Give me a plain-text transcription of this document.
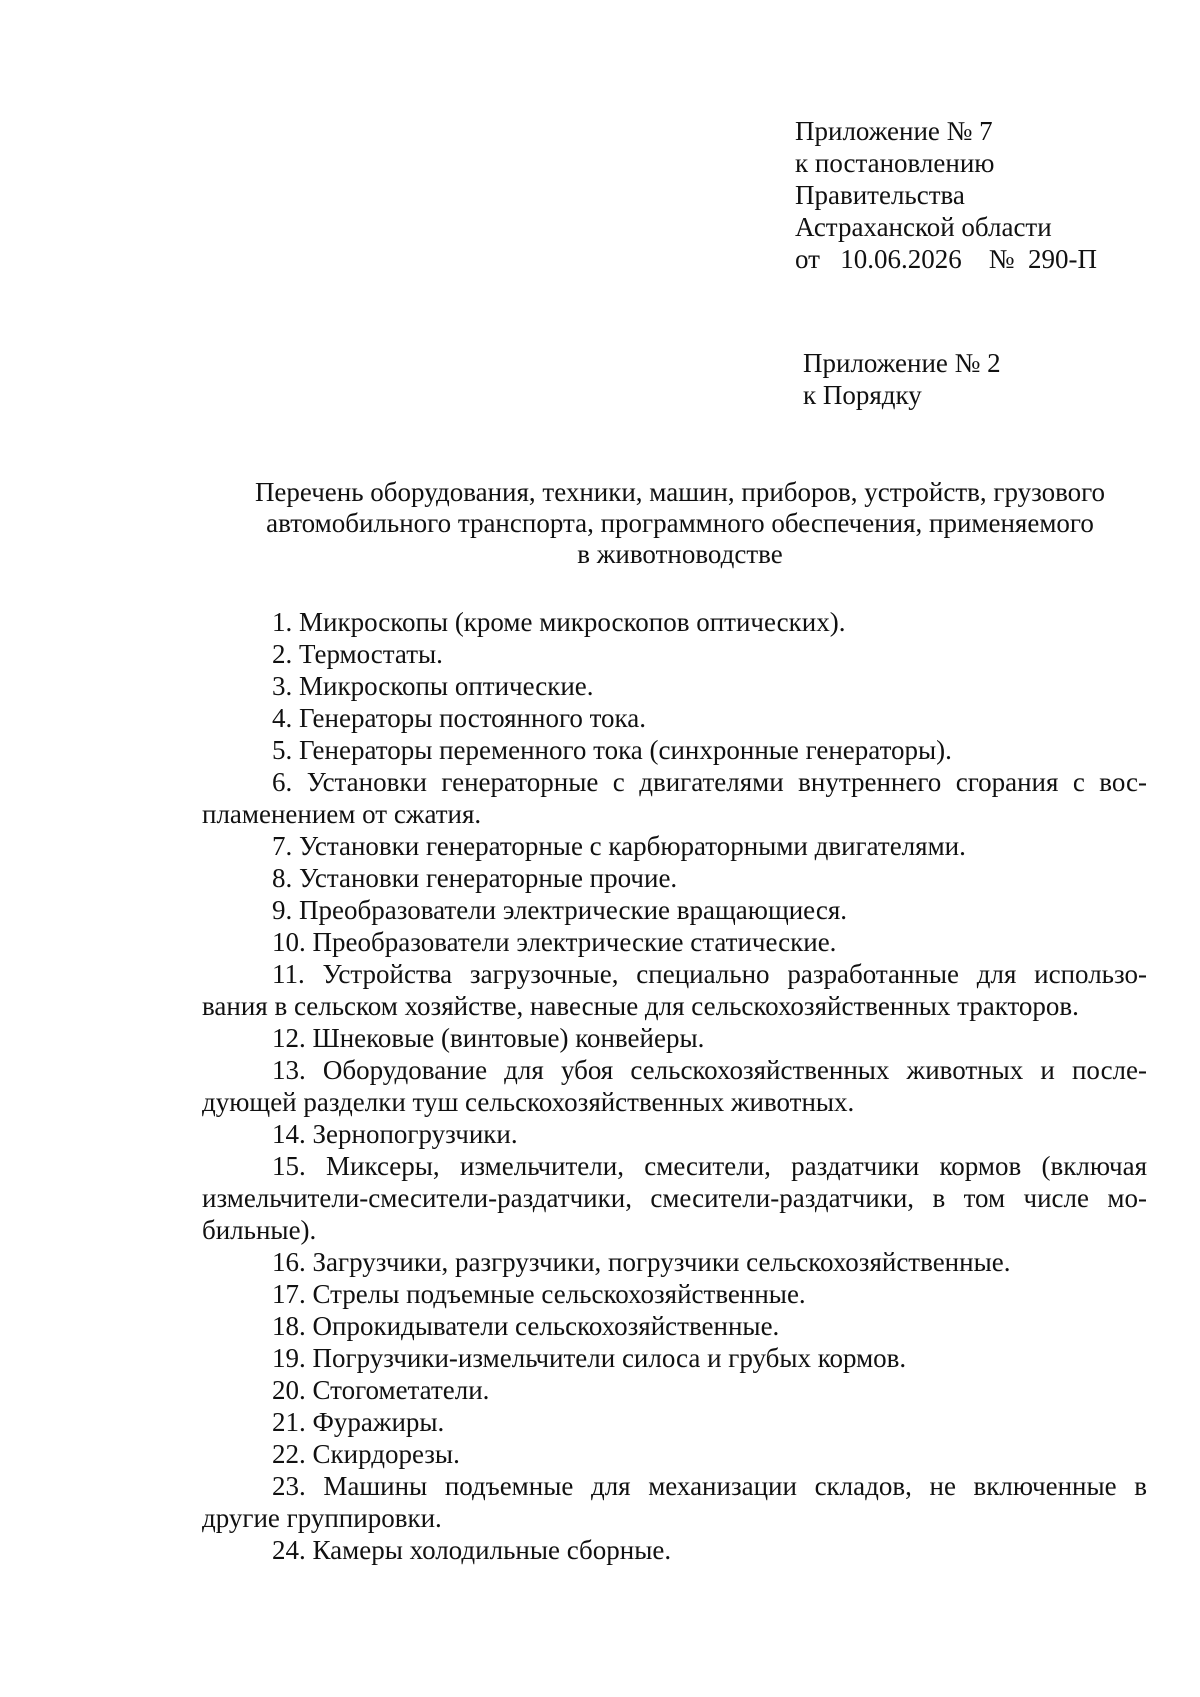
Приложение № 7
к постановлению
Правительства
Астраханской области
от 10.06.2026 № 290-П
Приложение № 2
к Порядку
Перечень оборудования, техники, машин, приборов, устройств, грузового
автомобильного транспорта, программного обеспечения, применяемого
в животноводстве
1. Микроскопы (кроме микроскопов оптических).
2. Термостаты.
3. Микроскопы оптические.
4. Генераторы постоянного тока.
5. Генераторы переменного тока (синхронные генераторы).
6. Установки генераторные с двигателями внутреннего сгорания с вос-
пламенением от сжатия.
7. Установки генераторные с карбюраторными двигателями.
8. Установки генераторные прочие.
9. Преобразователи электрические вращающиеся.
10. Преобразователи электрические статические.
11. Устройства загрузочные, специально разработанные для использо-
вания в сельском хозяйстве, навесные для сельскохозяйственных тракторов.
12. Шнековые (винтовые) конвейеры.
13. Оборудование для убоя сельскохозяйственных животных и после-
дующей разделки туш сельскохозяйственных животных.
14. Зернопогрузчики.
15. Миксеры, измельчители, смесители, раздатчики кормов (включая
измельчители-смесители-раздатчики, смесители-раздатчики, в том числе мо-
бильные).
16. Загрузчики, разгрузчики, погрузчики сельскохозяйственные.
17. Стрелы подъемные сельскохозяйственные.
18. Опрокидыватели сельскохозяйственные.
19. Погрузчики-измельчители силоса и грубых кормов.
20. Стогометатели.
21. Фуражиры.
22. Скирдорезы.
23. Машины подъемные для механизации складов, не включенные в
другие группировки.
24. Камеры холодильные сборные.
